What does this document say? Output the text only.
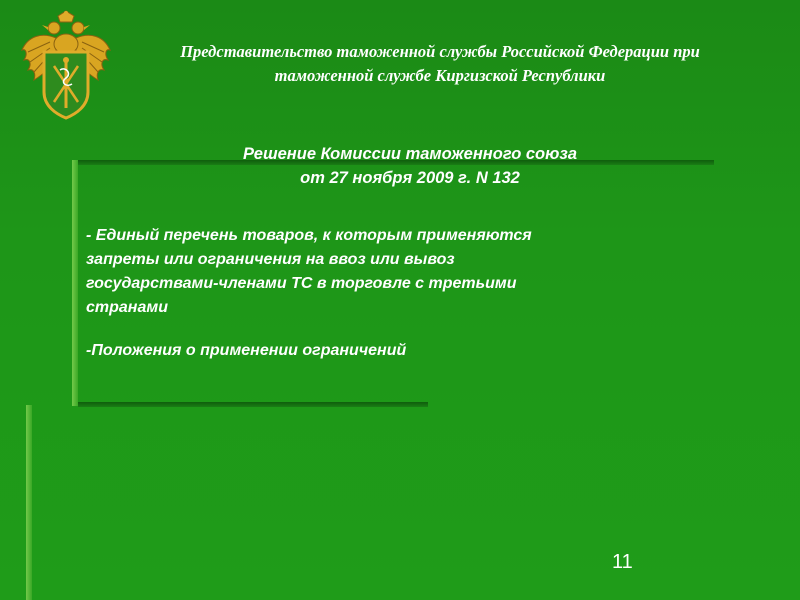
Представительство таможенной службы Российской Федерации при
таможенной службе Киргизской Республики
Решение Комиссии таможенного союза
от 27 ноября 2009 г. N 132
- Единый перечень товаров, к которым применяются
запреты или ограничения на ввоз или вывоз
государствами-членами ТС в торговле с третьими
странами
-Положения о применении ограничений
11
